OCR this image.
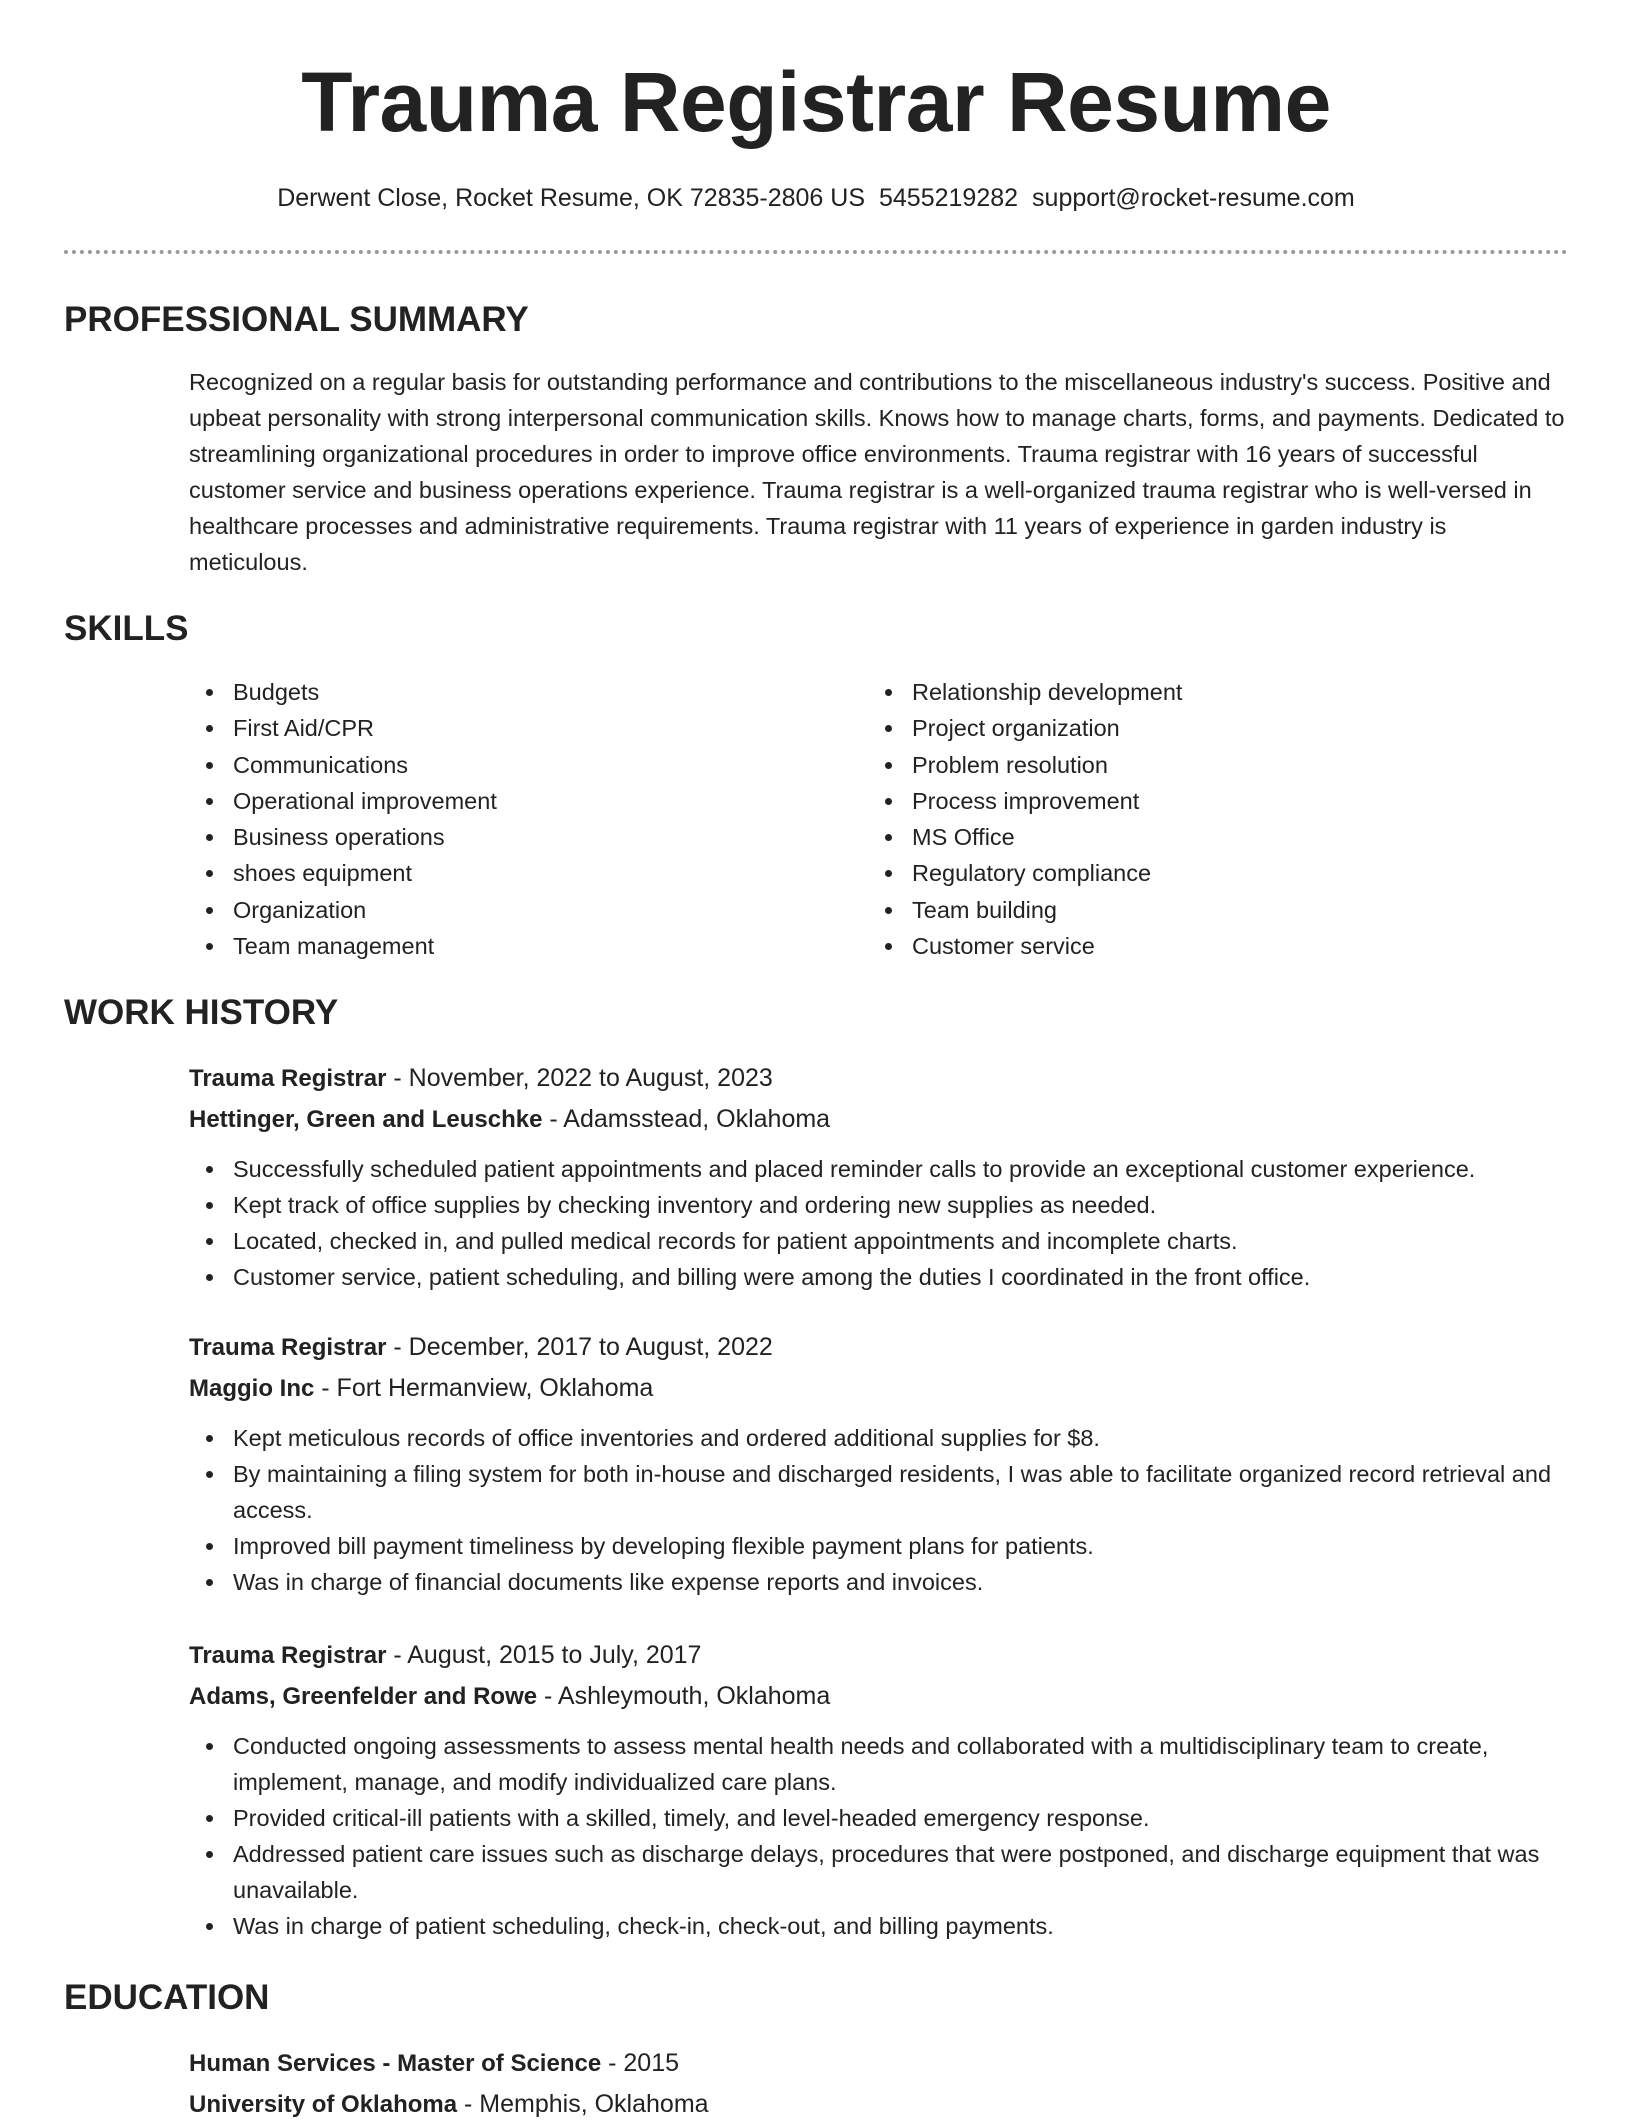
Trauma Registrar Resume
Derwent Close, Rocket Resume, OK 72835-2806 US 5455219282 support@rocket-resume.com
PROFESSIONAL SUMMARY

Recognized on a regular basis for outstanding performance and contributions to the miscellaneous industry's success. Positive and upbeat personality with strong interpersonal communication skills. Knows how to manage charts, forms, and payments. Dedicated to streamlining organizational procedures in order to improve office environments. Trauma registrar with 16 years of successful customer service and business operations experience. Trauma registrar is a well-organized trauma registrar who is well-versed in healthcare processes and administrative requirements. Trauma registrar with 11 years of experience in garden industry is meticulous.

SKILLS
Budgets
First Aid/CPR
Communications
Operational improvement
Business operations
shoes equipment
Organization
Team management
Relationship development
Project organization
Problem resolution
Process improvement
MS Office
Regulatory compliance
Team building
Customer service
WORK HISTORY

Trauma Registrar - November, 2022 to August, 2023

Hettinger, Green and Leuschke - Adamsstead, Oklahoma

Successfully scheduled patient appointments and placed reminder calls to provide an exceptional customer experience.
Kept track of office supplies by checking inventory and ordering new supplies as needed.
Located, checked in, and pulled medical records for patient appointments and incomplete charts.
Customer service, patient scheduling, and billing were among the duties I coordinated in the front office.

Trauma Registrar - December, 2017 to August, 2022

Maggio Inc - Fort Hermanview, Oklahoma

Kept meticulous records of office inventories and ordered additional supplies for $8.
By maintaining a filing system for both in-house and discharged residents, I was able to facilitate organized record retrieval and access.
Improved bill payment timeliness by developing flexible payment plans for patients.
Was in charge of financial documents like expense reports and invoices.

Trauma Registrar - August, 2015 to July, 2017

Adams, Greenfelder and Rowe - Ashleymouth, Oklahoma

Conducted ongoing assessments to assess mental health needs and collaborated with a multidisciplinary team to create, implement, manage, and modify individualized care plans.
Provided critical-ill patients with a skilled, timely, and level-headed emergency response.
Addressed patient care issues such as discharge delays, procedures that were postponed, and discharge equipment that was unavailable.
Was in charge of patient scheduling, check-in, check-out, and billing payments.
EDUCATION

Human Services - Master of Science - 2015

University of Oklahoma - Memphis, Oklahoma
